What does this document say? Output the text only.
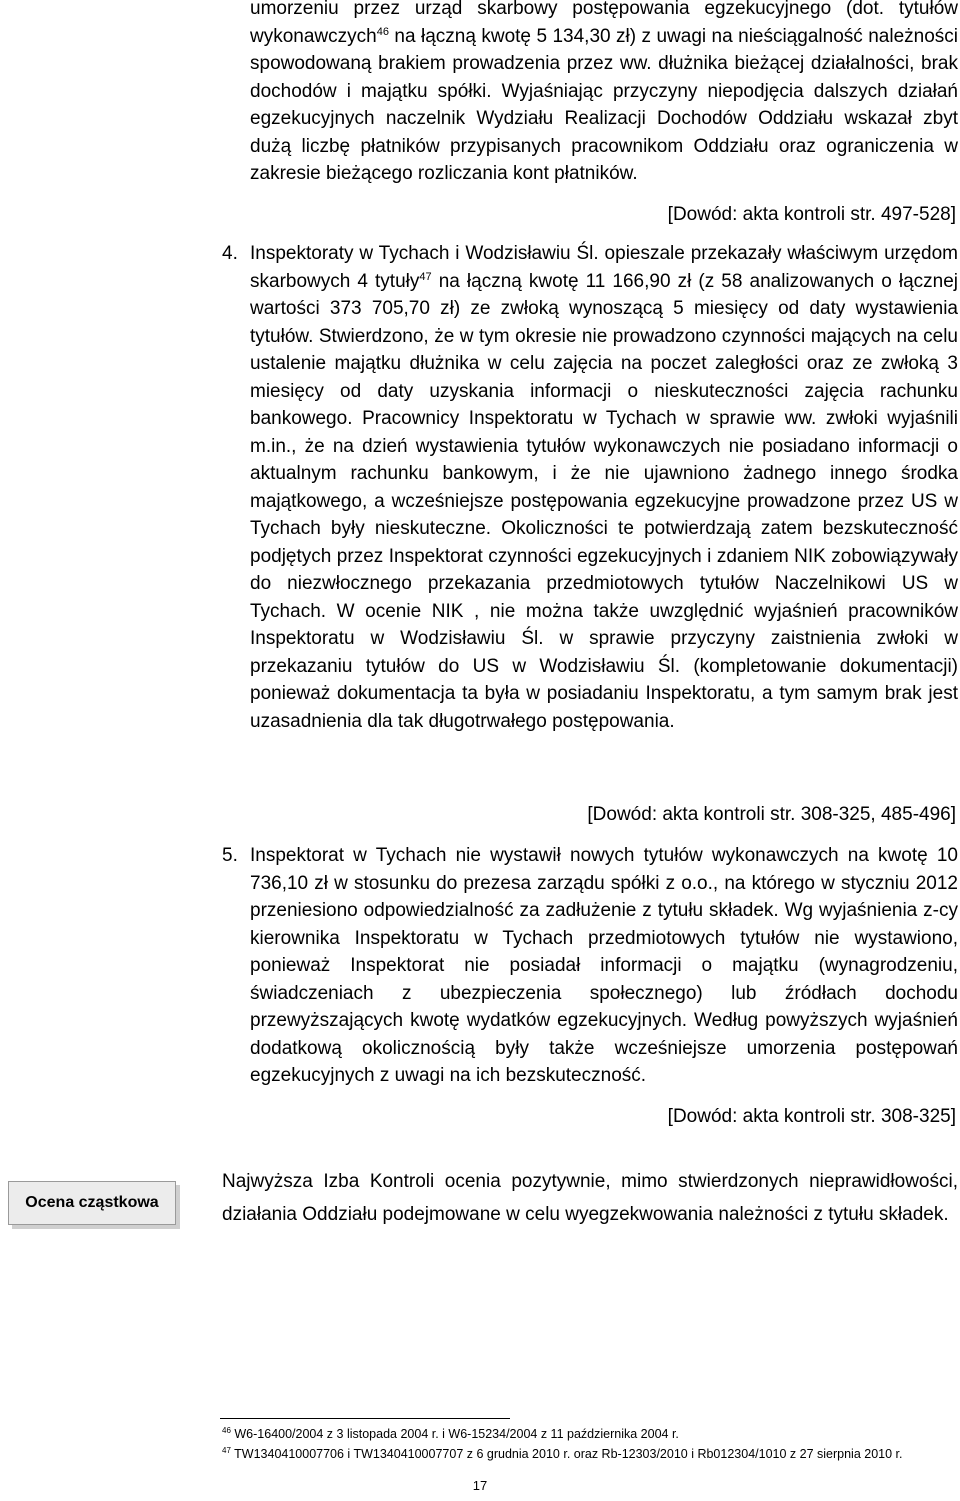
umorzeniu przez urząd skarbowy postępowania egzekucyjnego (dot. tytułów wykonawczych$^{46}$ na łączną kwotę 5 134,30 zł) z uwagi na nieściągalność należności spowodowaną brakiem prowadzenia przez ww. dłużnika bieżącej działalności, brak dochodów i majątku spółki. Wyjaśniając przyczyny niepodjęcia dalszych działań egzekucyjnych naczelnik Wydziału Realizacji Dochodów Oddziału wskazał zbyt dużą liczbę płatników przypisanych pracownikom Oddziału oraz ograniczenia w zakresie bieżącego rozliczania kont płatników.

[Dowód: akta kontroli str. 497-528]

4. Inspektoraty w Tychach i Wodzisławiu Śl. opieszale przekazały właściwym urzędom skarbowych 4 tytuły$^{47}$ na łączną kwotę 11 166,90 zł (z 58 analizowanych o łącznej wartości 373 705,70 zł) ze zwłoką wynoszącą 5 miesięcy od daty wystawienia tytułów. Stwierdzono, że w tym okresie nie prowadzono czynności mających na celu ustalenie majątku dłużnika w celu zajęcia na poczet zaległości oraz ze zwłoką 3 miesięcy od daty uzyskania informacji o nieskuteczności zajęcia rachunku bankowego. Pracownicy Inspektoratu w Tychach w sprawie ww. zwłoki wyjaśnili m.in., że na dzień wystawienia tytułów wykonawczych nie posiadano informacji o aktualnym rachunku bankowym, i że nie ujawniono żadnego innego środka majątkowego, a wcześniejsze postępowania egzekucyjne prowadzone przez US w Tychach były nieskuteczne. Okoliczności te potwierdzają zatem bezskuteczność podjętych przez Inspektorat czynności egzekucyjnych i zdaniem NIK zobowiązywały do niezwłocznego przekazania przedmiotowych tytułów Naczelnikowi US w Tychach. W ocenie NIK , nie można także uwzględnić wyjaśnień pracowników Inspektoratu w Wodzisławiu Śl. w sprawie przyczyny zaistnienia zwłoki w przekazaniu tytułów do US w Wodzisławiu Śl. (kompletowanie dokumentacji) ponieważ dokumentacja ta była w posiadaniu Inspektoratu, a tym samym brak jest uzasadnienia dla tak długotrwałego postępowania.

[Dowód: akta kontroli str. 308-325, 485-496]

5. Inspektorat w Tychach nie wystawił nowych tytułów wykonawczych na kwotę 10 736,10 zł w stosunku do prezesa zarządu spółki z o.o., na którego w styczniu 2012 przeniesiono odpowiedzialność za zadłużenie z tytułu składek. Wg wyjaśnienia z-cy kierownika Inspektoratu w Tychach przedmiotowych tytułów nie wystawiono, ponieważ Inspektorat nie posiadał informacji o majątku (wynagrodzeniu, świadczeniach z ubezpieczenia społecznego) lub źródłach dochodu przewyższających kwotę wydatków egzekucyjnych. Według powyższych wyjaśnień dodatkową okolicznością były także wcześniejsze umorzenia postępowań egzekucyjnych z uwagi na ich bezskuteczność.

[Dowód: akta kontroli str. 308-325]

Ocena cząstkowa

Najwyższa Izba Kontroli ocenia pozytywnie, mimo stwierdzonych nieprawidłowości, działania Oddziału podejmowane w celu wyegzekwowania należności z tytułu składek.

$^{46}$ W6-16400/2004 z 3 listopada 2004 r. i W6-15234/2004 z 11 października 2004 r.

$^{47}$ TW1340410007706 i TW1340410007707 z 6 grudnia 2010 r. oraz Rb-12303/2010 i Rb012304/1010 z 27 sierpnia 2010 r.

17
